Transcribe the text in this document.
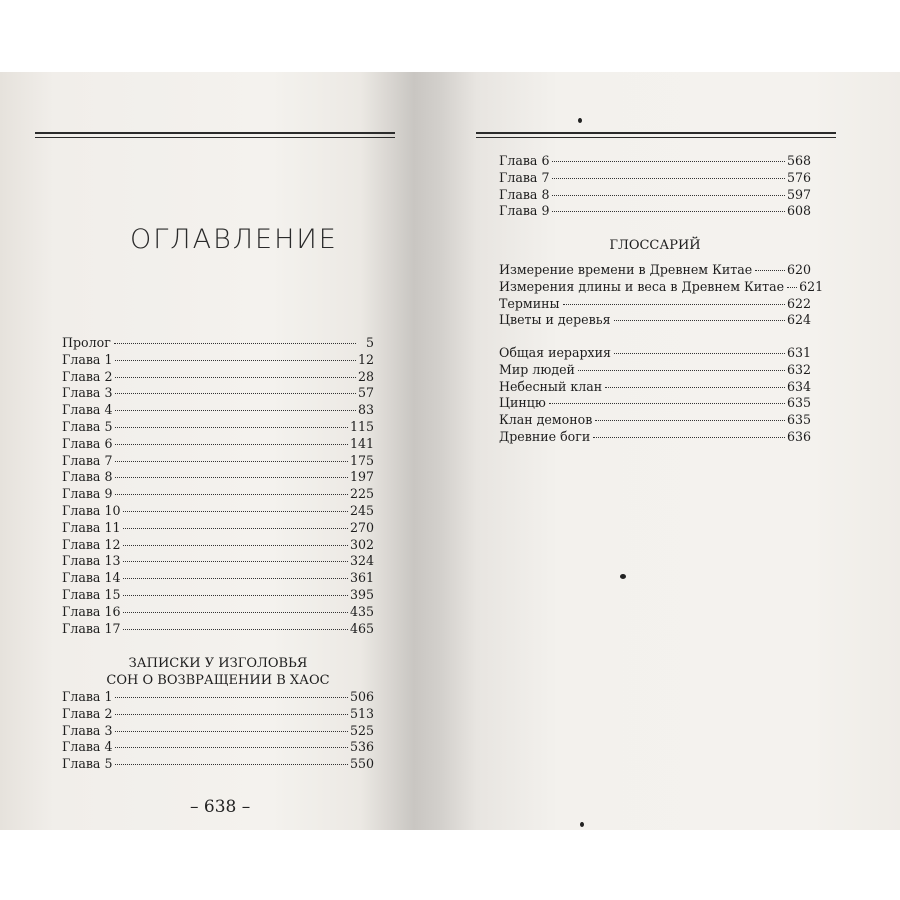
ОГЛАВЛЕНИЕ
Пролог	5
Глава 1	12
Глава 2	28
Глава 3	57
Глава 4	83
Глава 5	115
Глава 6	141
Глава 7	175
Глава 8	197
Глава 9	225
Глава 10	245
Глава 11	270
Глава 12	302
Глава 13	324
Глава 14	361
Глава 15	395
Глава 16	435
Глава 17	465
ЗАПИСКИ У ИЗГОЛОВЬЯ
СОН О ВОЗВРАЩЕНИИ В ХАОС
Глава 1	506
Глава 2	513
Глава 3	525
Глава 4	536
Глава 5	550
– 638 –
Глава 6	568
Глава 7	576
Глава 8	597
Глава 9	608
ГЛОССАРИЙ
Измерение времени в Древнем Китае	620
Измерения длины и веса в Древнем Китае 621
Термины	622
Цветы и деревья	624
Общая иерархия	631
Мир людей	632
Небесный клан	634
Цинцю	635
Клан демонов	635
Древние боги	636
